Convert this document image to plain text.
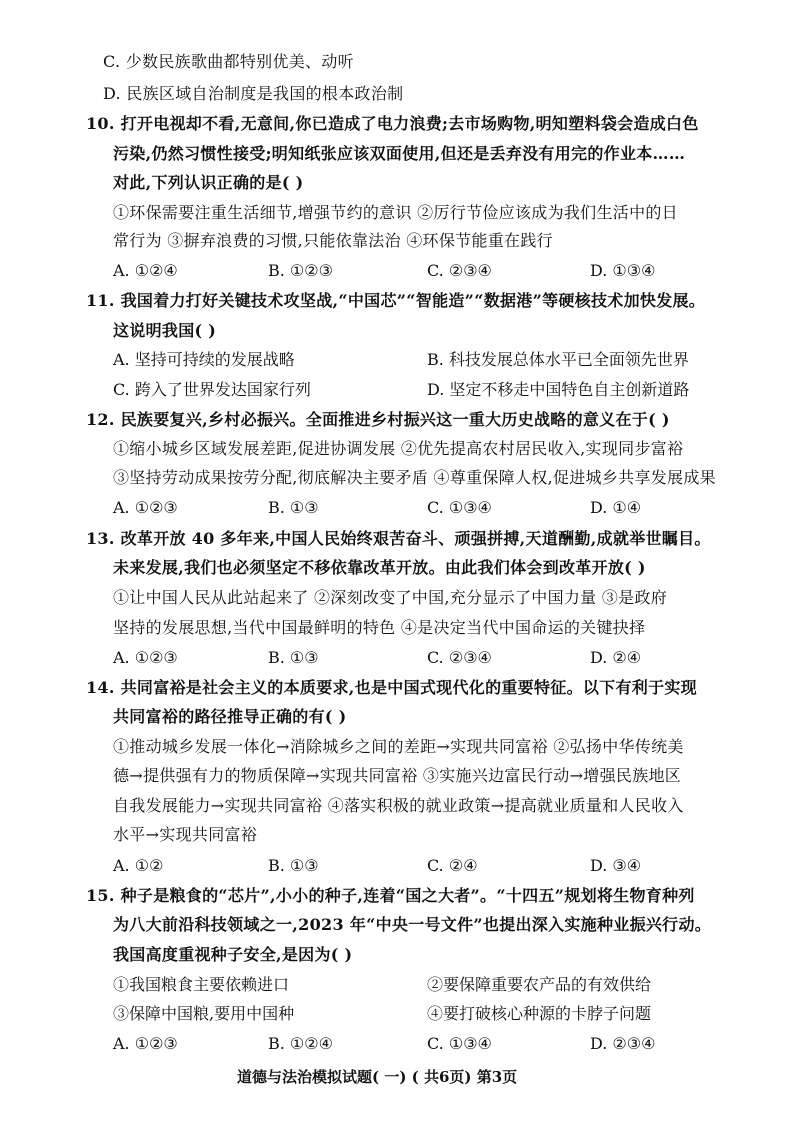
C. 少数民族歌曲都特别优美、动听
D. 民族区域自治制度是我国的根本政治制
10. 打开电视却不看,无意间,你已造成了电力浪费;去市场购物,明知塑料袋会造成白色
污染,仍然习惯性接受;明知纸张应该双面使用,但还是丢弃没有用完的作业本……
对此,下列认识正确的是( )
①环保需要注重生活细节,增强节约的意识 ②厉行节俭应该成为我们生活中的日
常行为 ③摒弃浪费的习惯,只能依靠法治 ④环保节能重在践行
A. ①②④	B. ①②③	C. ②③④	D. ①③④
11. 我国着力打好关键技术攻坚战,“中国芯”“智能造”“数据港”等硬核技术加快发展。
这说明我国( )
A. 坚持可持续的发展战略	B. 科技发展总体水平已全面领先世界
C. 跨入了世界发达国家行列	D. 坚定不移走中国特色自主创新道路
12. 民族要复兴,乡村必振兴。全面推进乡村振兴这一重大历史战略的意义在于( )
①缩小城乡区域发展差距,促进协调发展 ②优先提高农村居民收入,实现同步富裕
③坚持劳动成果按劳分配,彻底解决主要矛盾 ④尊重保障人权,促进城乡共享发展成果
A. ①②③	B. ①③	C. ①③④	D. ①④
13. 改革开放 40 多年来,中国人民始终艰苦奋斗、顽强拼搏,天道酬勤,成就举世瞩目。
未来发展,我们也必须坚定不移依靠改革开放。由此我们体会到改革开放( )
①让中国人民从此站起来了 ②深刻改变了中国,充分显示了中国力量 ③是政府
坚持的发展思想,当代中国最鲜明的特色 ④是决定当代中国命运的关键抉择
A. ①②③	B. ①③	C. ②③④	D. ②④
14. 共同富裕是社会主义的本质要求,也是中国式现代化的重要特征。以下有利于实现
共同富裕的路径推导正确的有( )
①推动城乡发展一体化→消除城乡之间的差距→实现共同富裕 ②弘扬中华传统美
德→提供强有力的物质保障→实现共同富裕 ③实施兴边富民行动→增强民族地区
自我发展能力→实现共同富裕 ④落实积极的就业政策→提高就业质量和人民收入
水平→实现共同富裕
A. ①②	B. ①③	C. ②④	D. ③④
15. 种子是粮食的“芯片”,小小的种子,连着“国之大者”。“十四五”规划将生物育种列
为八大前沿科技领域之一,2023 年“中央一号文件”也提出深入实施种业振兴行动。
我国高度重视种子安全,是因为( )
①我国粮食主要依赖进口	②要保障重要农产品的有效供给
③保障中国粮,要用中国种	④要打破核心种源的卡脖子问题
A. ①②③	B. ①②④	C. ①③④	D. ②③④
道德与法治模拟试题( 一) ( 共6页) 第3页
